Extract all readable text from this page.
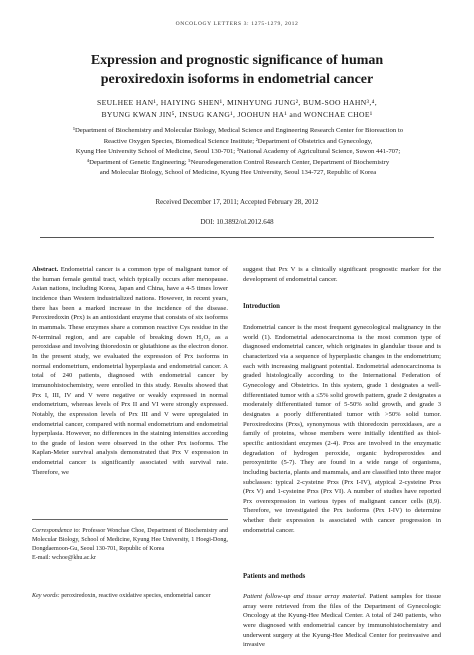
ONCOLOGY LETTERS 3: 1275-1279, 2012
Expression and prognostic significance of human
peroxiredoxin isoforms in endometrial cancer
SEULHEE HAN¹, HAIYING SHEN¹, MINHYUNG JUNG², BUM-SOO HAHN³,⁴,
BYUNG KWAN JIN⁵, INSUG KANG¹, JOOHUN HA¹ and WONCHAE CHOE¹
¹Department of Biochemistry and Molecular Biology, Medical Science and Engineering Research Center for Bioreaction to
Reactive Oxygen Species, Biomedical Science Institute; ²Department of Obstetrics and Gynecology,
Kyung Hee University School of Medicine, Seoul 130-701; ³National Academy of Agricultural Science, Suwon 441-707;
⁴Department of Genetic Engineering; ⁵Neurodegeneration Control Research Center, Department of Biochemistry
and Molecular Biology, School of Medicine, Kyung Hee University, Seoul 134-727, Republic of Korea
Received December 17, 2011; Accepted February 28, 2012
DOI: 10.3892/ol.2012.648

Abstract. Endometrial cancer is a common type of malignant tumor of the human female genital tract, which typically occurs after menopause. Asian nations, including Korea, Japan and China, have a 4-5 times lower incidence than Western industrialized nations. However, in recent years, there has been a marked increase in the incidence of the disease. Peroxiredoxin (Prx) is an antioxidant enzyme that consists of six isoforms in mammals. These enzymes share a common reactive Cys residue in the N-terminal region, and are capable of breaking down H₂O₂ as a peroxidase and involving thioredoxin or glutathione as the electron donor. In the present study, we evaluated the expression of Prx isoforms in normal endometrium, endometrial hyperplasia and endometrial cancer. A total of 240 patients, diagnosed with endometrial cancer by immunohistochemistry, were enrolled in this study. Results showed that Prx I, III, IV and V were negative or weakly expressed in normal endometrium, whereas levels of Prx II and VI were strongly expressed. Notably, the expression levels of Prx III and V were upregulated in endometrial cancer, compared with normal endometrium and endometrial hyperplasia. However, no differences in the staining intensities according to the grade of lesion were observed in the other Prx isoforms. The Kaplan-Meier survival analysis demonstrated that Prx V expression in endometrial cancer is significantly associated with survival rate. Therefore, we

Correspondence to: Professor Wonchae Choe, Department of Biochemistry and Molecular Biology, School of Medicine, Kyung Hee University, 1 Hoegi-Dong, Dongdaemoon-Gu, Seoul 130-701, Republic of Korea
E-mail: wchoe@khu.ac.kr
Key words: peroxiredoxin, reactive oxidative species, endometrial cancer

suggest that Prx V is a clinically significant prognostic marker for the development of endometrial cancer.

Introduction

Endometrial cancer is the most frequent gynecological malignancy in the world (1). Endometrial adenocarcinoma is the most common type of diagnosed endometrial cancer, which originates in glandular tissue and is characterized via a sequence of hyperplastic changes in the endometrium; each with increasing malignant potential. Endometrial adenocarcinoma is graded histologically according to the International Federation of Gynecology and Obstetrics. In this system, grade 1 designates a well-differentiated tumor with a ≤5% solid growth pattern, grade 2 designates a moderately differentiated tumor of 5-50% solid growth, and grade 3 designates a poorly differentiated tumor with >50% solid tumor. Peroxiredoxins (Prxs), synonymous with thioredoxin peroxidases, are a family of proteins, whose members were initially identified as thiol-specific antioxidant enzymes (2-4). Prxs are involved in the enzymatic degradation of hydrogen peroxide, organic hydroperoxides and peroxynitrite (5-7). They are found in a wide range of organisms, including bacteria, plants and mammals, and are classified into three major subclasses: typical 2-cysteine Prxs (Prx I-IV), atypical 2-cysteine Prxs (Prx V) and 1-cysteine Prxs (Prx VI). A number of studies have reported Prx overexpression in various types of malignant cancer cells (8,9). Therefore, we investigated the Prx isoforms (Prx I-IV) to determine whether their expression is associated with cancer progression in endometrial cancer.

Patients and methods

Patient follow-up and tissue array material. Patient samples for tissue array were retrieved from the files of the Department of Gynecologic Oncology at the Kyung-Hee Medical Center. A total of 240 patients, who were diagnosed with endometrial cancer by immunohistochemistry and underwent surgery at the Kyung-Hee Medical Center for preinvasive and invasive
